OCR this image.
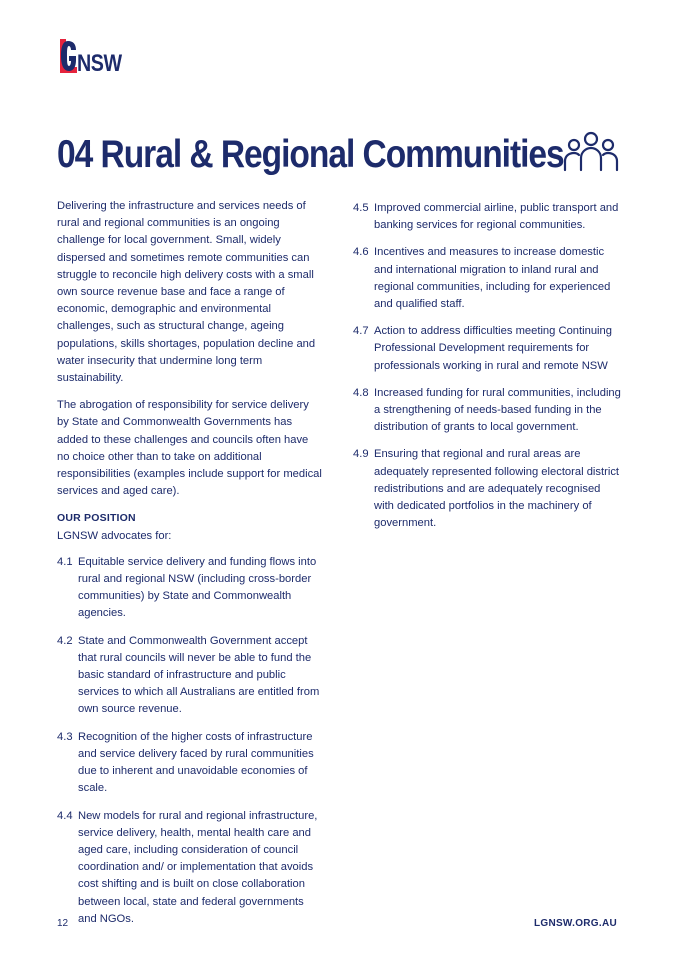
NSW
04 Rural & Regional Communities

Delivering the infrastructure and services needs of rural and regional communities is an ongoing challenge for local government. Small, widely dispersed and sometimes remote communities can struggle to reconcile high delivery costs with a small own source revenue base and face a range of economic, demographic and environmental challenges, such as structural change, ageing populations, skills shortages, population decline and water insecurity that undermine long term sustainability.

The abrogation of responsibility for service delivery by State and Commonwealth Governments has added to these challenges and councils often have no choice other than to take on additional responsibilities (examples include support for medical services and aged care).

OUR POSITION
LGNSW advocates for:
4.1 Equitable service delivery and funding flows into rural and regional NSW (including cross-border communities) by State and Commonwealth agencies.
4.2 State and Commonwealth Government accept that rural councils will never be able to fund the basic standard of infrastructure and public services to which all Australians are entitled from own source revenue.
4.3 Recognition of the higher costs of infrastructure and service delivery faced by rural communities due to inherent and unavoidable economies of scale.
4.4 New models for rural and regional infrastructure, service delivery, health, mental health care and aged care, including consideration of council coordination and/ or implementation that avoids cost shifting and is built on close collaboration between local, state and federal governments and NGOs.
4.5 Improved commercial airline, public transport and banking services for regional communities.
4.6 Incentives and measures to increase domestic and international migration to inland rural and regional communities, including for experienced and qualified staff.
4.7 Action to address difficulties meeting Continuing Professional Development requirements for professionals working in rural and remote NSW
4.8 Increased funding for rural communities, including a strengthening of needs-based funding in the distribution of grants to local government.
4.9 Ensuring that regional and rural areas are adequately represented following electoral district redistributions and are adequately recognised with dedicated portfolios in the machinery of government.
12	LGNSW.ORG.AU
